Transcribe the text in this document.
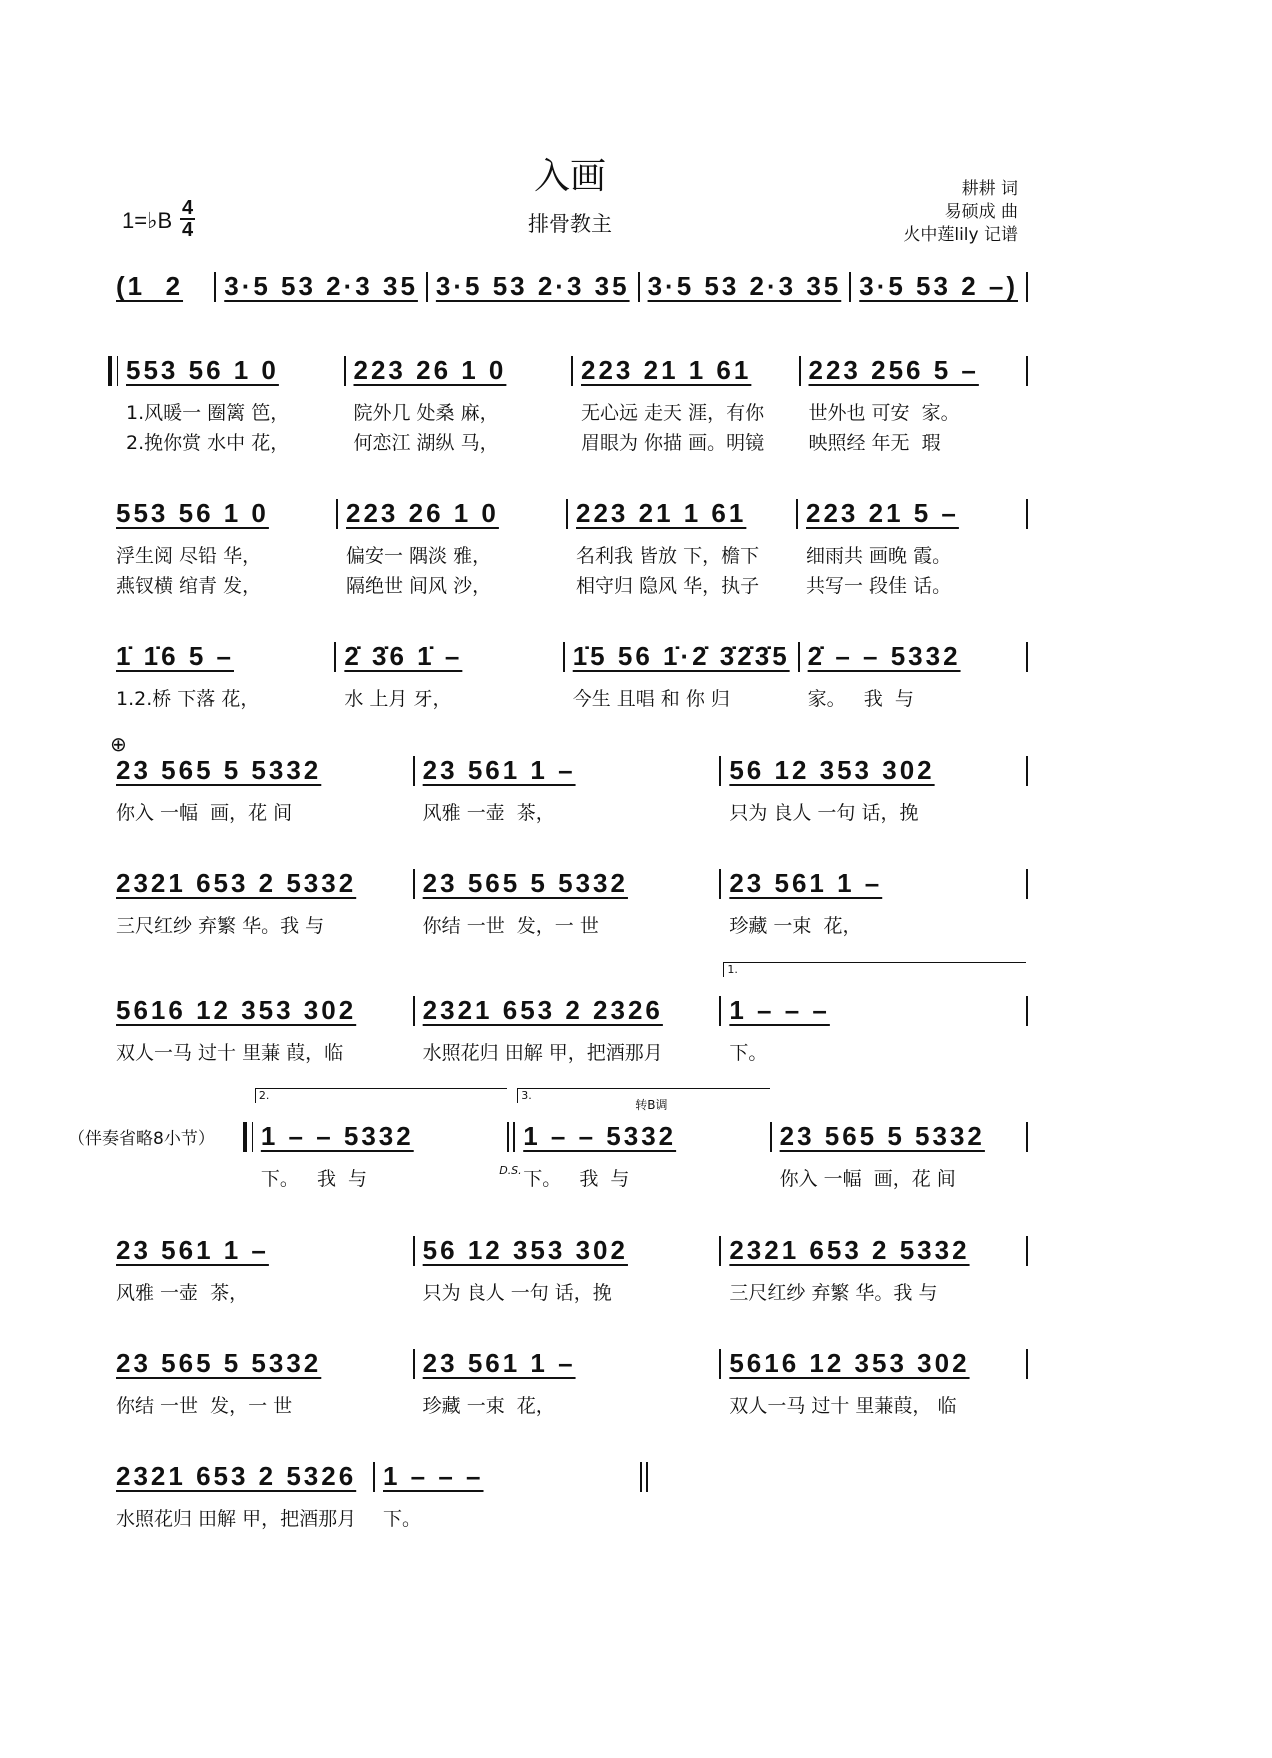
入画
排骨教主
1=♭B 4
4
耕耕 词
易硕成 曲
火中莲lily 记谱
⊕
(1  2	3·5 53 2·3 35 3·5 53 2·3 35 3·5 53 2·3 35 3·5 53 2 –)
553 56 1 0
1.风暖一 圈篱 笆，
2.挽你赏 水中 花，
223 26 1 0
院外几 处桑 麻，
何恋江 湖纵 马，
223 21 1 61
无心远 走天 涯，有你
眉眼为 你描 画。明镜
223 256 5 –
世外也 可安  家。
映照经 年无  瑕
553 56 1 0
浮生阅 尽铅 华，
燕钗横 绾青 发，
223 26 1 0
偏安一 隅淡 雅，
隔绝世 间风 沙，
223 21 1 61
名利我 皆放 下，檐下
相守归 隐风 华，执子
223 21 5 –
细雨共 画晚 霞。
共写一 段佳 话。
1̇ 1̇6 5 –
1.2.桥 下落 花，
2̇ 3̇6 1̇ –
水 上月 牙，
1̇5 56 1̇·2̇ 3̇2̇3̇5
今生 且唱 和 你 归
2̇ – – 5332
家。   我  与
23 565 5 5332
你入 一幅  画，花 间
23 561 1 –
风雅 一壶  茶，
56 12 353 302
只为 良人 一句 话，挽
2321 653 2 5332
三尺红纱 弃繁 华。我 与
23 565 5 5332
你结 一世  发，一 世
23 561 1 –
珍藏 一束  花，
5616 12 353 302
双人一马 过十 里蒹 葭，临
2321 653 2 2326
水照花归 田解 甲，把酒那月
1.
1 – – –
下。
（伴奏省略8小节）
2.
1 – – 5332
下。   我  与
3.
转B调
D.S.
1 – – 5332
下。   我  与
23 565 5 5332
你入 一幅  画，花 间
23 561 1 –
风雅 一壶  茶，
56 12 353 302
只为 良人 一句 话，挽
2321 653 2 5332
三尺红纱 弃繁 华。我 与
23 565 5 5332
你结 一世  发，一 世
23 561 1 –
珍藏 一束  花，
5616 12 353 302
双人一马 过十 里蒹葭， 临
2321 653 2 5326
水照花归 田解 甲，把酒那月
1 – – –
下。
